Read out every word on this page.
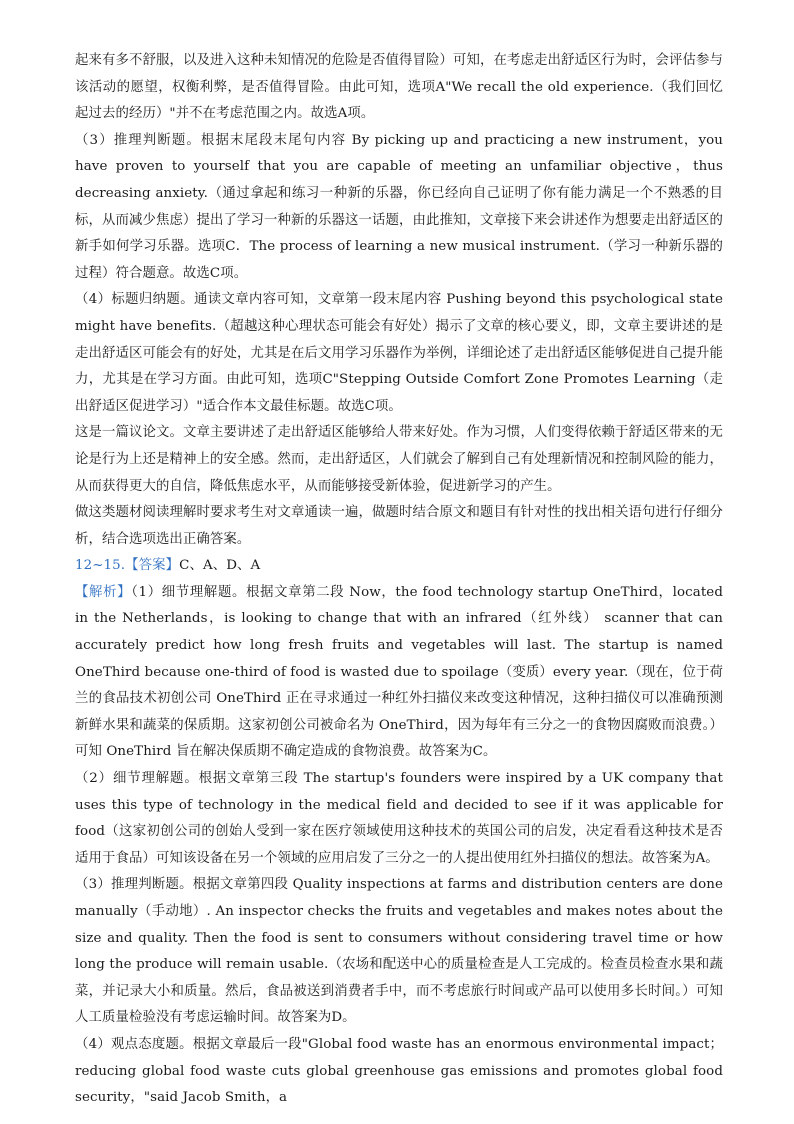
起来有多不舒服，以及进入这种未知情况的危险是否值得冒险）可知，在考虑走出舒适区行为时，会评估参与该活动的愿望，权衡利弊，是否值得冒险。由此可知，选项A"We recall the old experience.（我们回忆起过去的经历）"并不在考虑范围之内。故选A项。

（3）推理判断题。根据末尾段末尾句内容 By picking up and practicing a new instrument，you have proven to yourself that you are capable of meeting an unfamiliar objective，thus decreasing anxiety.（通过拿起和练习一种新的乐器，你已经向自己证明了你有能力满足一个不熟悉的目标，从而减少焦虑）提出了学习一种新的乐器这一话题，由此推知，文章接下来会讲述作为想要走出舒适区的新手如何学习乐器。选项C．The process of learning a new musical instrument.（学习一种新乐器的过程）符合题意。故选C项。

（4）标题归纳题。通读文章内容可知，文章第一段末尾内容 Pushing beyond this psychological state might have benefits.（超越这种心理状态可能会有好处）揭示了文章的核心要义，即，文章主要讲述的是走出舒适区可能会有的好处，尤其是在后文用学习乐器作为举例，详细论述了走出舒适区能够促进自己提升能力，尤其是在学习方面。由此可知，选项C"Stepping Outside Comfort Zone Promotes Learning（走出舒适区促进学习）"适合作本文最佳标题。故选C项。

这是一篇议论文。文章主要讲述了走出舒适区能够给人带来好处。作为习惯，人们变得依赖于舒适区带来的无论是行为上还是精神上的安全感。然而，走出舒适区，人们就会了解到自己有处理新情况和控制风险的能力，从而获得更大的自信，降低焦虑水平，从而能够接受新体验，促进新学习的产生。

做这类题材阅读理解时要求考生对文章通读一遍，做题时结合原文和题目有针对性的找出相关语句进行仔细分析，结合选项选出正确答案。

12~15.【答案】C、A、D、A

【解析】（1）细节理解题。根据文章第二段 Now，the food technology startup OneThird，located in the Netherlands，is looking to change that with an infrared（红外线） scanner that can accurately predict how long fresh fruits and vegetables will last. The startup is named OneThird because one-third of food is wasted due to spoilage（变质）every year.（现在，位于荷兰的食品技术初创公司 OneThird 正在寻求通过一种红外扫描仪来改变这种情况，这种扫描仪可以准确预测新鲜水果和蔬菜的保质期。这家初创公司被命名为 OneThird，因为每年有三分之一的食物因腐败而浪费。）可知 OneThird 旨在解决保质期不确定造成的食物浪费。故答案为C。

（2）细节理解题。根据文章第三段 The startup's founders were inspired by a UK company that uses this type of technology in the medical field and decided to see if it was applicable for food（这家初创公司的创始人受到一家在医疗领域使用这种技术的英国公司的启发，决定看看这种技术是否适用于食品）可知该设备在另一个领域的应用启发了三分之一的人提出使用红外扫描仪的想法。故答案为A。

（3）推理判断题。根据文章第四段 Quality inspections at farms and distribution centers are done manually（手动地）. An inspector checks the fruits and vegetables and makes notes about the size and quality. Then the food is sent to consumers without considering travel time or how long the produce will remain usable.（农场和配送中心的质量检查是人工完成的。检查员检查水果和蔬菜，并记录大小和质量。然后，食品被送到消费者手中，而不考虑旅行时间或产品可以使用多长时间。）可知人工质量检验没有考虑运输时间。故答案为D。

（4）观点态度题。根据文章最后一段"Global food waste has an enormous environmental impact；reducing global food waste cuts global greenhouse gas emissions and promotes global food security，"said Jacob Smith，a
